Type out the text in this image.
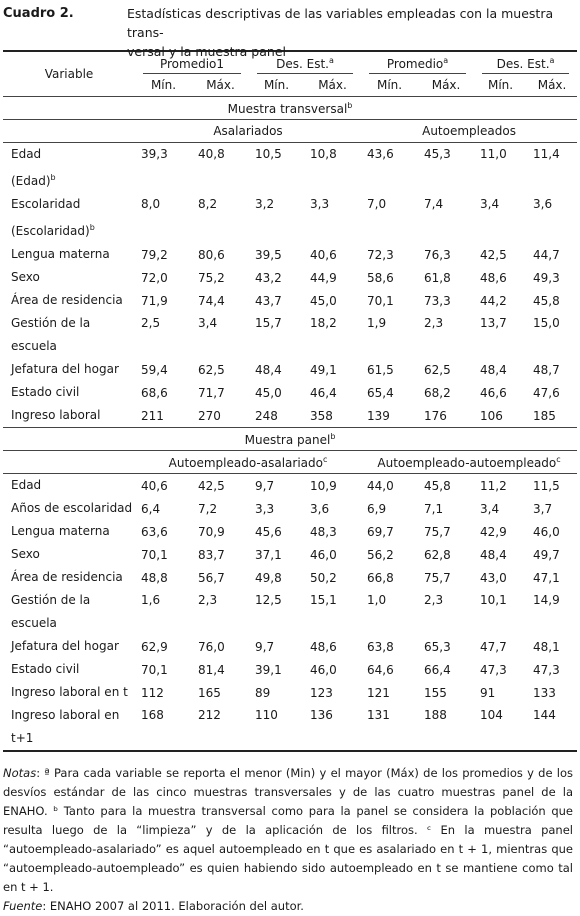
Cuadro 2.	Estadísticas descriptivas de las variables empleadas con la muestra trans-
versal y la muestra panel
Variable	Promedio1		Des. Est.$^a$		Promedio$^a$		Des. Est.$^a$
	Mín.	Máx.	Mín.	Máx.	Mín.	Máx.	Mín.	Máx.
Muestra transversal$^b$
	Asalariados				Autoempleados			

Edad
(Edad)$^b$	39,3	40,8	10,5	10,8	43,6	45,3	11,0	11,4

Escolaridad
(Escolaridad)$^b$	8,0	8,2	3,2	3,3	7,0	7,4	3,4	3,6

Lengua materna	79,2	80,6	39,5	40,6	72,3	76,3	42,5	44,7
Sexo	72,0	75,2	43,2	44,9	58,6	61,8	48,6	49,3
Área de residencia	71,9	74,4	43,7	45,0	70,1	73,3	44,2	45,8

Gestión de la
escuela	2,5	3,4	15,7	18,2	1,9	2,3	13,7	15,0

Jefatura del hogar	59,4	62,5	48,4	49,1	61,5	62,5	48,4	48,7
Estado civil	68,6	71,7	45,0	46,4	65,4	68,2	46,6	47,6
Ingreso laboral	211	270	248	358	139	176	106	185
Muestra panel$^b$
	Autoempleado-asalariado$^c$				Autoempleado-autoempleado$^c$
Edad	40,6	42,5	9,7	10,9	44,0	45,8	11,2	11,5
Años de escolaridad	6,4	7,2	3,3	3,6	6,9	7,1	3,4	3,7
Lengua materna	63,6	70,9	45,6	48,3	69,7	75,7	42,9	46,0
Sexo	70,1	83,7	37,1	46,0	56,2	62,8	48,4	49,7
Área de residencia	48,8	56,7	49,8	50,2	66,8	75,7	43,0	47,1

Gestión de la
escuela	1,6	2,3	12,5	15,1	1,0	2,3	10,1	14,9

Jefatura del hogar	62,9	76,0	9,7	48,6	63,8	65,3	47,7	48,1
Estado civil	70,1	81,4	39,1	46,0	64,6	66,4	47,3	47,3
Ingreso laboral en t	112	165	89	123	121	155	91	133

Ingreso laboral en
t+1	168	212	110	136	131	188	104	144

Notas: ª Para cada variable se reporta el menor (Min) y el mayor (Máx) de los promedios y de los desvíos estándar de las cinco muestras transversales y de las cuatro muestras panel de la ENAHO. ᵇ Tanto para la muestra transversal como para la panel se considera la población que resulta luego de la “limpieza” y de la aplicación de los filtros. ᶜ En la muestra panel “autoempleado-asalariado” es aquel autoempleado en t que es asalariado en t + 1, mientras que “autoempleado-autoempleado” es quien habiendo sido autoempleado en t se mantiene como tal en t + 1.

Fuente: ENAHO 2007 al 2011. Elaboración del autor.
